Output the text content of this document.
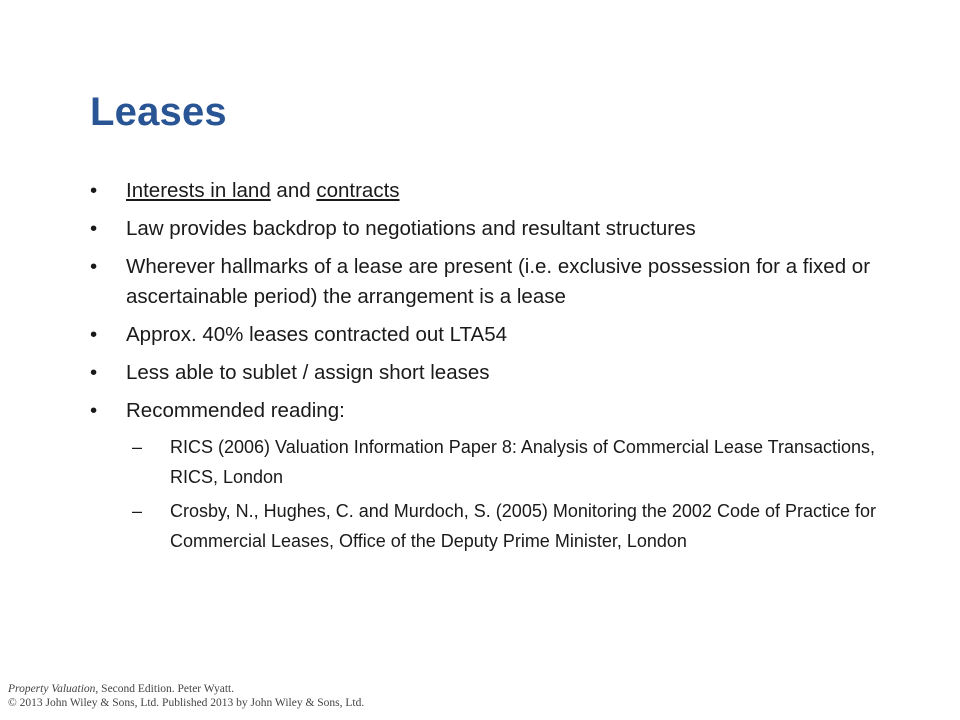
Leases
•	Interests in land and contracts
•	Law provides backdrop to negotiations and resultant structures
•	Wherever hallmarks of a lease are present (i.e. exclusive possession for a fixed or ascertainable period) the arrangement is a lease
•	Approx. 40% leases contracted out LTA54
•	Less able to sublet / assign short leases
•	Recommended reading:
– RICS (2006) Valuation Information Paper 8: Analysis of Commercial Lease Transactions, RICS, London
– Crosby, N., Hughes, C. and Murdoch, S. (2005) Monitoring the 2002 Code of Practice for Commercial Leases, Office of the Deputy Prime Minister, London
Property Valuation, Second Edition. Peter Wyatt.
© 2013 John Wiley & Sons, Ltd. Published 2013 by John Wiley & Sons, Ltd.
